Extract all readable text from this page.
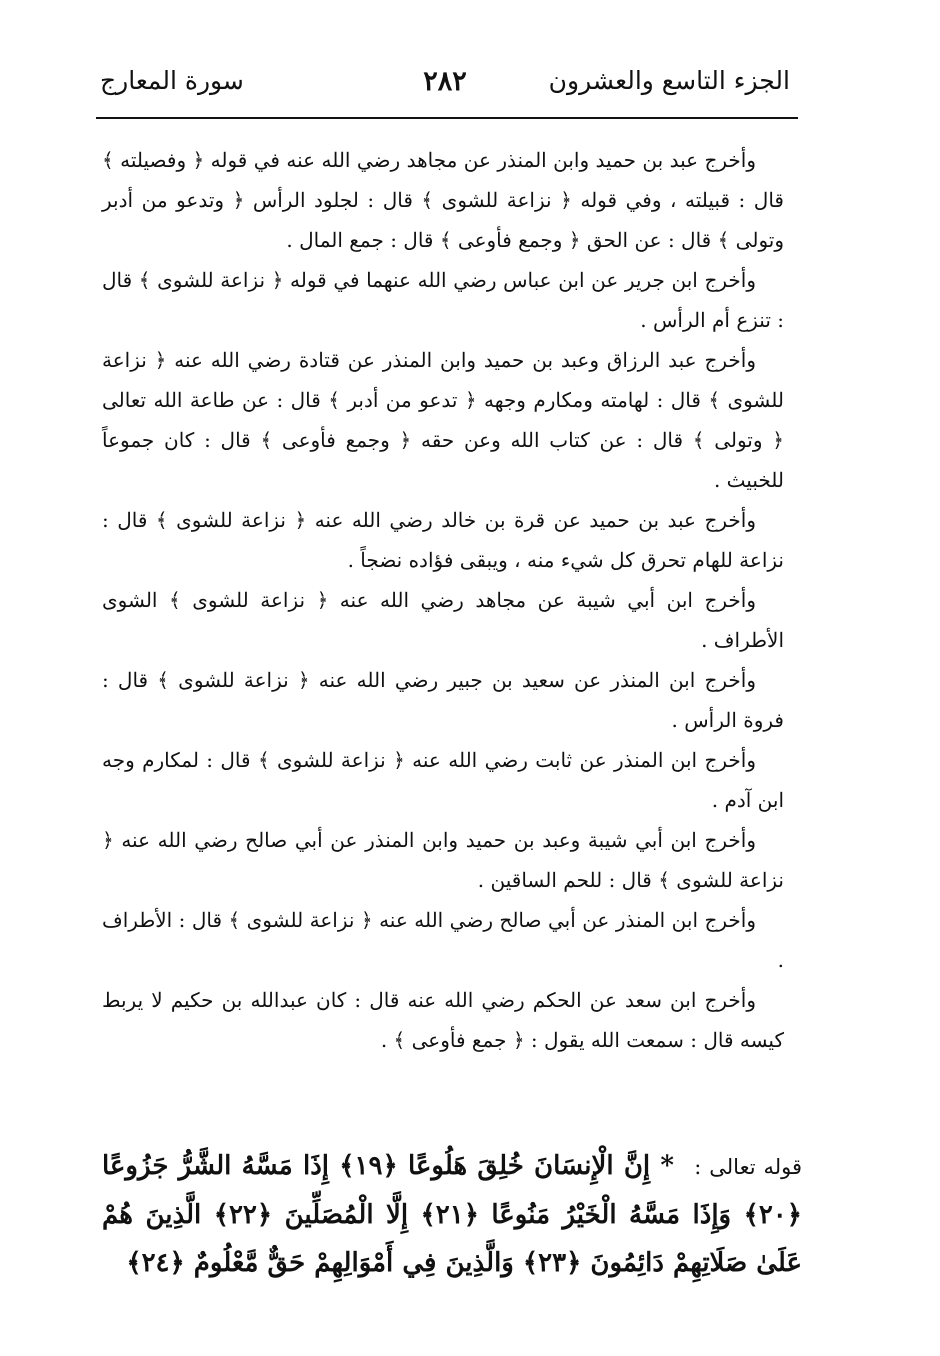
الجزء التاسع والعشرون
٢٨٢
سورة المعارج

وأخرج عبد بن حميد وابن المنذر عن مجاهد رضي الله عنه في قوله ﴿ وفصيلته ﴾ قال : قبيلته ، وفي قوله ﴿ نزاعة للشوى ﴾ قال : لجلود الرأس ﴿ وتدعو من أدبر وتولى ﴾ قال : عن الحق ﴿ وجمع فأوعى ﴾ قال : جمع المال .

وأخرج ابن جرير عن ابن عباس رضي الله عنهما في قوله ﴿ نزاعة للشوى ﴾ قال : تنزع أم الرأس .

وأخرج عبد الرزاق وعبد بن حميد وابن المنذر عن قتادة رضي الله عنه ﴿ نزاعة للشوى ﴾ قال : لهامته ومكارم وجهه ﴿ تدعو من أدبر ﴾ قال : عن طاعة الله تعالى ﴿ وتولى ﴾ قال : عن كتاب الله وعن حقه ﴿ وجمع فأوعى ﴾ قال : كان جموعاً للخبيث .

وأخرج عبد بن حميد عن قرة بن خالد رضي الله عنه ﴿ نزاعة للشوى ﴾ قال : نزاعة للهام تحرق كل شيء منه ، ويبقى فؤاده نضجاً .

وأخرج ابن أبي شيبة عن مجاهد رضي الله عنه ﴿ نزاعة للشوى ﴾ الشوى الأطراف .

وأخرج ابن المنذر عن سعيد بن جبير رضي الله عنه ﴿ نزاعة للشوى ﴾ قال : فروة الرأس .

وأخرج ابن المنذر عن ثابت رضي الله عنه ﴿ نزاعة للشوى ﴾ قال : لمكارم وجه ابن آدم .

وأخرج ابن أبي شيبة وعبد بن حميد وابن المنذر عن أبي صالح رضي الله عنه ﴿ نزاعة للشوى ﴾ قال : للحم الساقين .

وأخرج ابن المنذر عن أبي صالح رضي الله عنه ﴿ نزاعة للشوى ﴾ قال : الأطراف .

وأخرج ابن سعد عن الحكم رضي الله عنه قال : كان عبدالله بن حكيم لا يربط كيسه قال : سمعت الله يقول : ﴿ جمع فأوعى ﴾ .

قوله تعالى : * إِنَّ الْإِنسَانَ خُلِقَ هَلُوعًا ﴿١٩﴾ إِذَا مَسَّهُ الشَّرُّ جَزُوعًا ﴿٢٠﴾ وَإِذَا مَسَّهُ الْخَيْرُ مَنُوعًا ﴿٢١﴾ إِلَّا الْمُصَلِّينَ ﴿٢٢﴾ الَّذِينَ هُمْ عَلَىٰ صَلَاتِهِمْ دَائِمُونَ ﴿٢٣﴾ وَالَّذِينَ فِي أَمْوَالِهِمْ حَقٌّ مَّعْلُومٌ ﴿٢٤﴾
